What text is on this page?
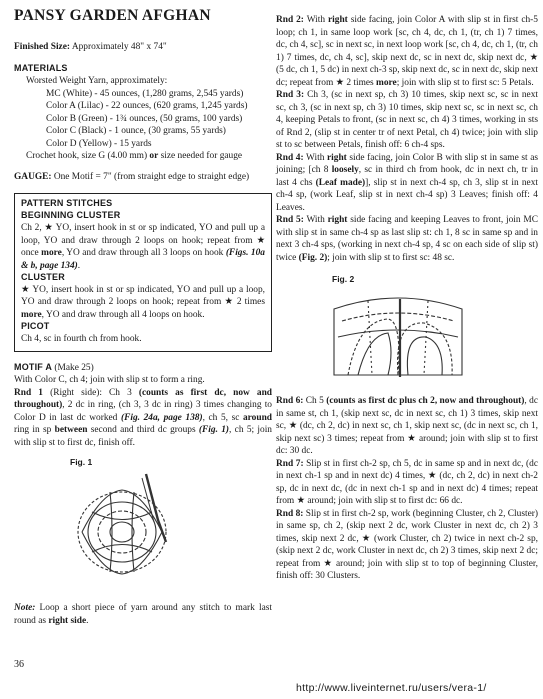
PANSY GARDEN AFGHAN
Finished Size: Approximately 48" x 74"
MATERIALS
Worsted Weight Yarn, approximately:
MC (White) - 45 ounces, (1,280 grams, 2,545 yards)
Color A (Lilac) - 22 ounces, (620 grams, 1,245 yards)
Color B (Green) - 1¾ ounces, (50 grams, 100 yards)
Color C (Black) - 1 ounce, (30 grams, 55 yards)
Color D (Yellow) - 15 yards
Crochet hook, size G (4.00 mm) or size needed for gauge
GAUGE: One Motif = 7" (from straight edge to straight edge)
PATTERN STITCHES
BEGINNING CLUSTER
Ch 2, ★ YO, insert hook in st or sp indicated, YO and pull up a loop, YO and draw through 2 loops on hook; repeat from ★ once more, YO and draw through all 3 loops on hook (Figs. 10a & b, page 134).
CLUSTER
★ YO, insert hook in st or sp indicated, YO and pull up a loop, YO and draw through 2 loops on hook; repeat from ★ 2 times more, YO and draw through all 4 loops on hook.
PICOT
Ch 4, sc in fourth ch from hook.
MOTIF A (Make 25)
With Color C, ch 4; join with slip st to form a ring.
Rnd 1 (Right side): Ch 3 (counts as first dc, now and throughout), 2 dc in ring, (ch 3, 3 dc in ring) 3 times changing to Color D in last dc worked (Fig. 24a, page 138), ch 5, sc around ring in sp between second and third dc groups (Fig. 1), ch 5; join with slip st to first dc, finish off.
Fig. 1
Note: Loop a short piece of yarn around any stitch to mark last round as right side.
Rnd 2: With right side facing, join Color A with slip st in first ch-5 loop; ch 1, in same loop work [sc, ch 4, dc, ch 1, (tr, ch 1) 7 times, dc, ch 4, sc], sc in next sc, in next loop work [sc, ch 4, dc, ch 1, (tr, ch 1) 7 times, dc, ch 4, sc], skip next dc, sc in next dc, skip next dc, ★ (5 dc, ch 1, 5 dc) in next ch-3 sp, skip next dc, sc in next dc, skip next dc; repeat from ★ 2 times more; join with slip st to first sc: 5 Petals.
Rnd 3: Ch 3, (sc in next sp, ch 3) 10 times, skip next sc, sc in next sc, ch 3, (sc in next sp, ch 3) 10 times, skip next sc, sc in next sc, ch 4, keeping Petals to front, (sc in next sc, ch 4) 3 times, working in sts of Rnd 2, (slip st in center tr of next Petal, ch 4) twice; join with slip st to sc between Petals, finish off: 6 ch-4 sps.
Rnd 4: With right side facing, join Color B with slip st in same st as joining; [ch 8 loosely, sc in third ch from hook, dc in next ch, tr in last 4 chs (Leaf made)], slip st in next ch-4 sp, ch 3, slip st in next ch-4 sp, (work Leaf, slip st in next ch-4 sp) 3 Leaves; finish off: 4 Leaves.
Rnd 5: With right side facing and keeping Leaves to front, join MC with slip st in same ch-4 sp as last slip st: ch 1, 8 sc in same sp and in next 3 ch-4 sps, (working in next ch-4 sp, 4 sc on each side of slip st) twice (Fig. 2); join with slip st to first sc: 48 sc.
Fig. 2
Rnd 6: Ch 5 (counts as first dc plus ch 2, now and throughout), dc in same st, ch 1, (skip next sc, dc in next sc, ch 1) 3 times, skip next sc, ★ (dc, ch 2, dc) in next sc, ch 1, skip next sc, (dc in next sc, ch 1, skip next sc) 3 times; repeat from ★ around; join with slip st to first dc: 30 dc.
Rnd 7: Slip st in first ch-2 sp, ch 5, dc in same sp and in next dc, (dc in next ch-1 sp and in next dc) 4 times, ★ (dc, ch 2, dc) in next ch-2 sp, dc in next dc, (dc in next ch-1 sp and in next dc) 4 times; repeat from ★ around; join with slip st to first dc: 66 dc.
Rnd 8: Slip st in first ch-2 sp, work (beginning Cluster, ch 2, Cluster) in same sp, ch 2, (skip next 2 dc, work Cluster in next dc, ch 2) 3 times, skip next 2 dc, ★ (work Cluster, ch 2) twice in next ch-2 sp, (skip next 2 dc, work Cluster in next dc, ch 2) 3 times, skip next 2 dc; repeat from ★ around; join with slip st to top of beginning Cluster, finish off: 30 Clusters.
36
http://www.liveinternet.ru/users/vera-1/
